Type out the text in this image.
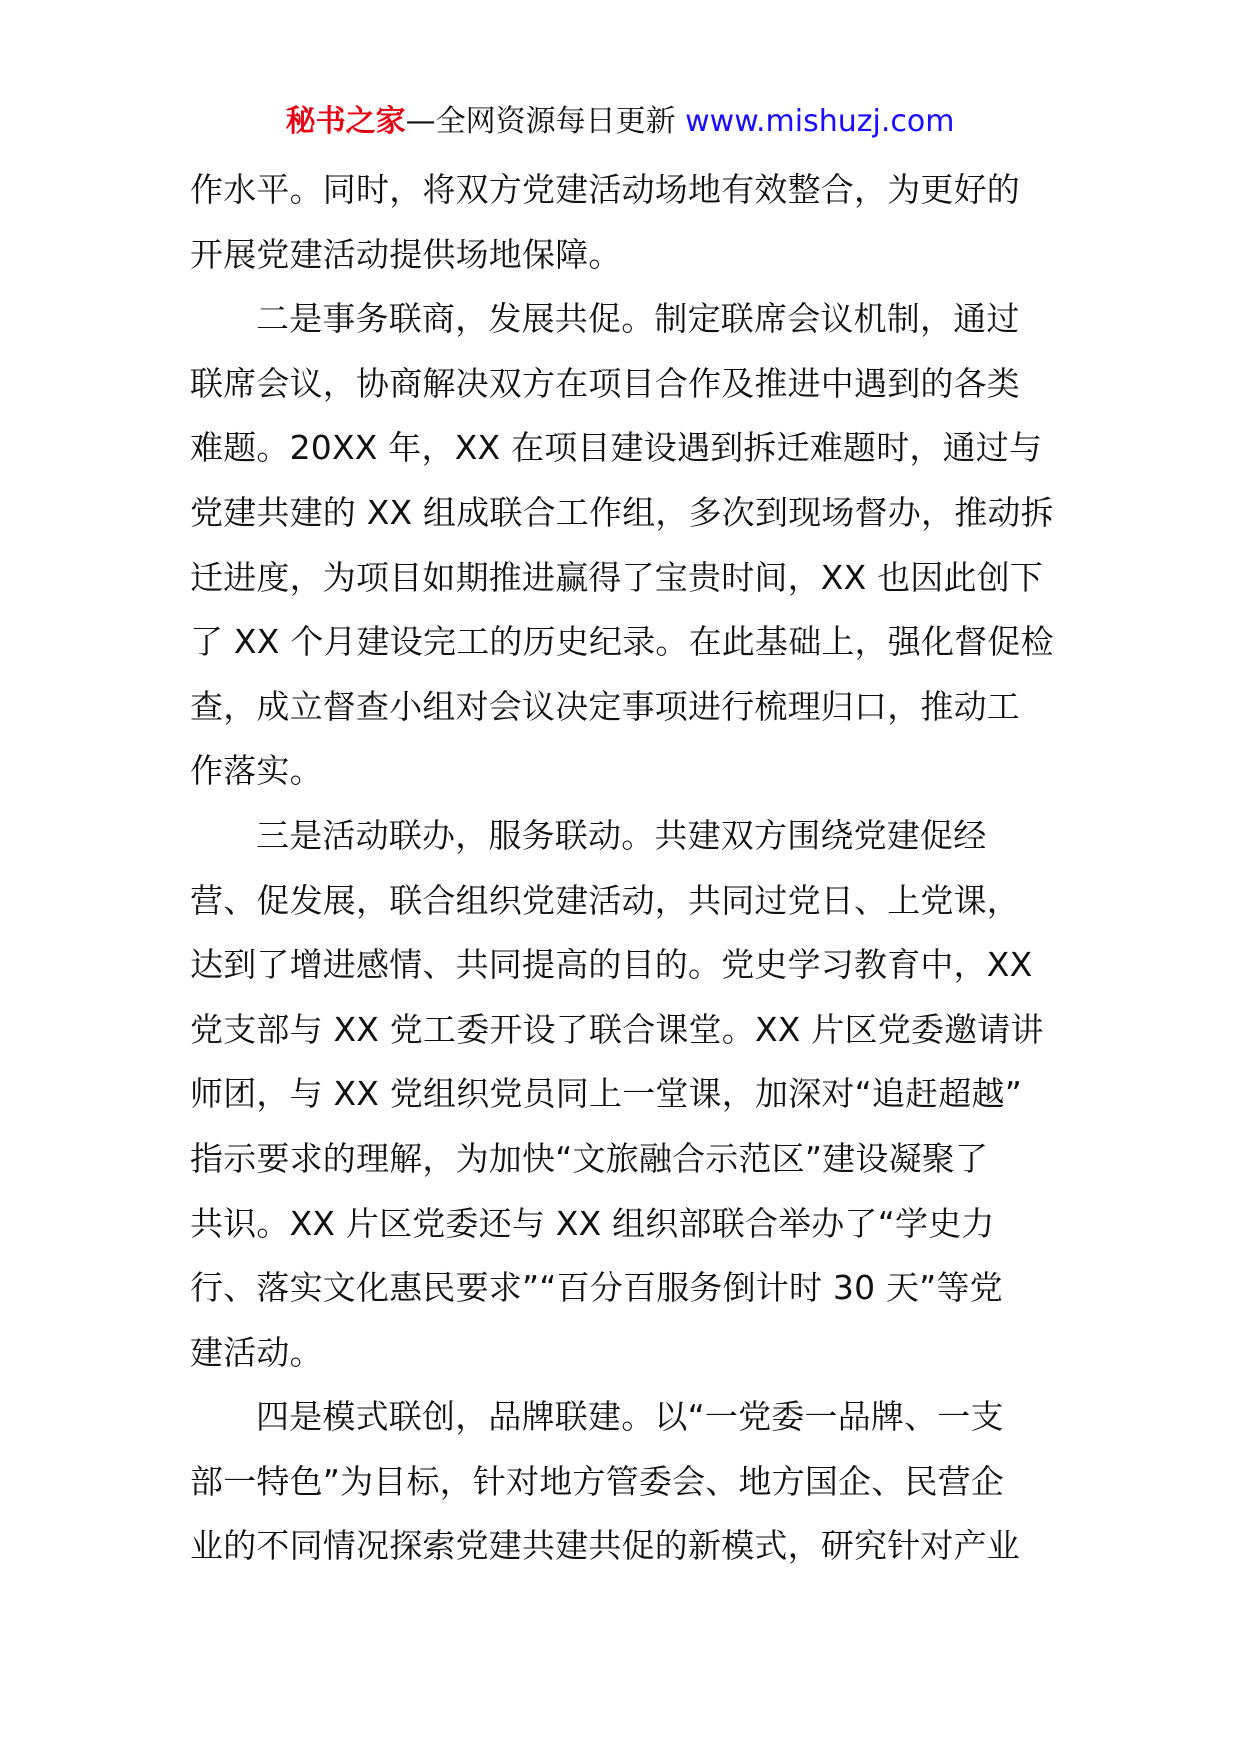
秘书之家—全网资源每日更新 www.mishuzj.com
作水平。同时，将双方党建活动场地有效整合，为更好的
开展党建活动提供场地保障。
二是事务联商，发展共促。制定联席会议机制，通过
联席会议，协商解决双方在项目合作及推进中遇到的各类
难题。20XX 年，XX 在项目建设遇到拆迁难题时，通过与
党建共建的 XX 组成联合工作组，多次到现场督办，推动拆
迁进度，为项目如期推进赢得了宝贵时间，XX 也因此创下
了 XX 个月建设完工的历史纪录。在此基础上，强化督促检
查，成立督查小组对会议决定事项进行梳理归口，推动工
作落实。
三是活动联办，服务联动。共建双方围绕党建促经
营、促发展，联合组织党建活动，共同过党日、上党课，
达到了增进感情、共同提高的目的。党史学习教育中，XX
党支部与 XX 党工委开设了联合课堂。XX 片区党委邀请讲
师团，与 XX 党组织党员同上一堂课，加深对“追赶超越”
指示要求的理解，为加快“文旅融合示范区”建设凝聚了
共识。XX 片区党委还与 XX 组织部联合举办了“学史力
行、落实文化惠民要求”“百分百服务倒计时 30 天”等党
建活动。
四是模式联创，品牌联建。以“一党委一品牌、一支
部一特色”为目标，针对地方管委会、地方国企、民营企
业的不同情况探索党建共建共促的新模式，研究针对产业
